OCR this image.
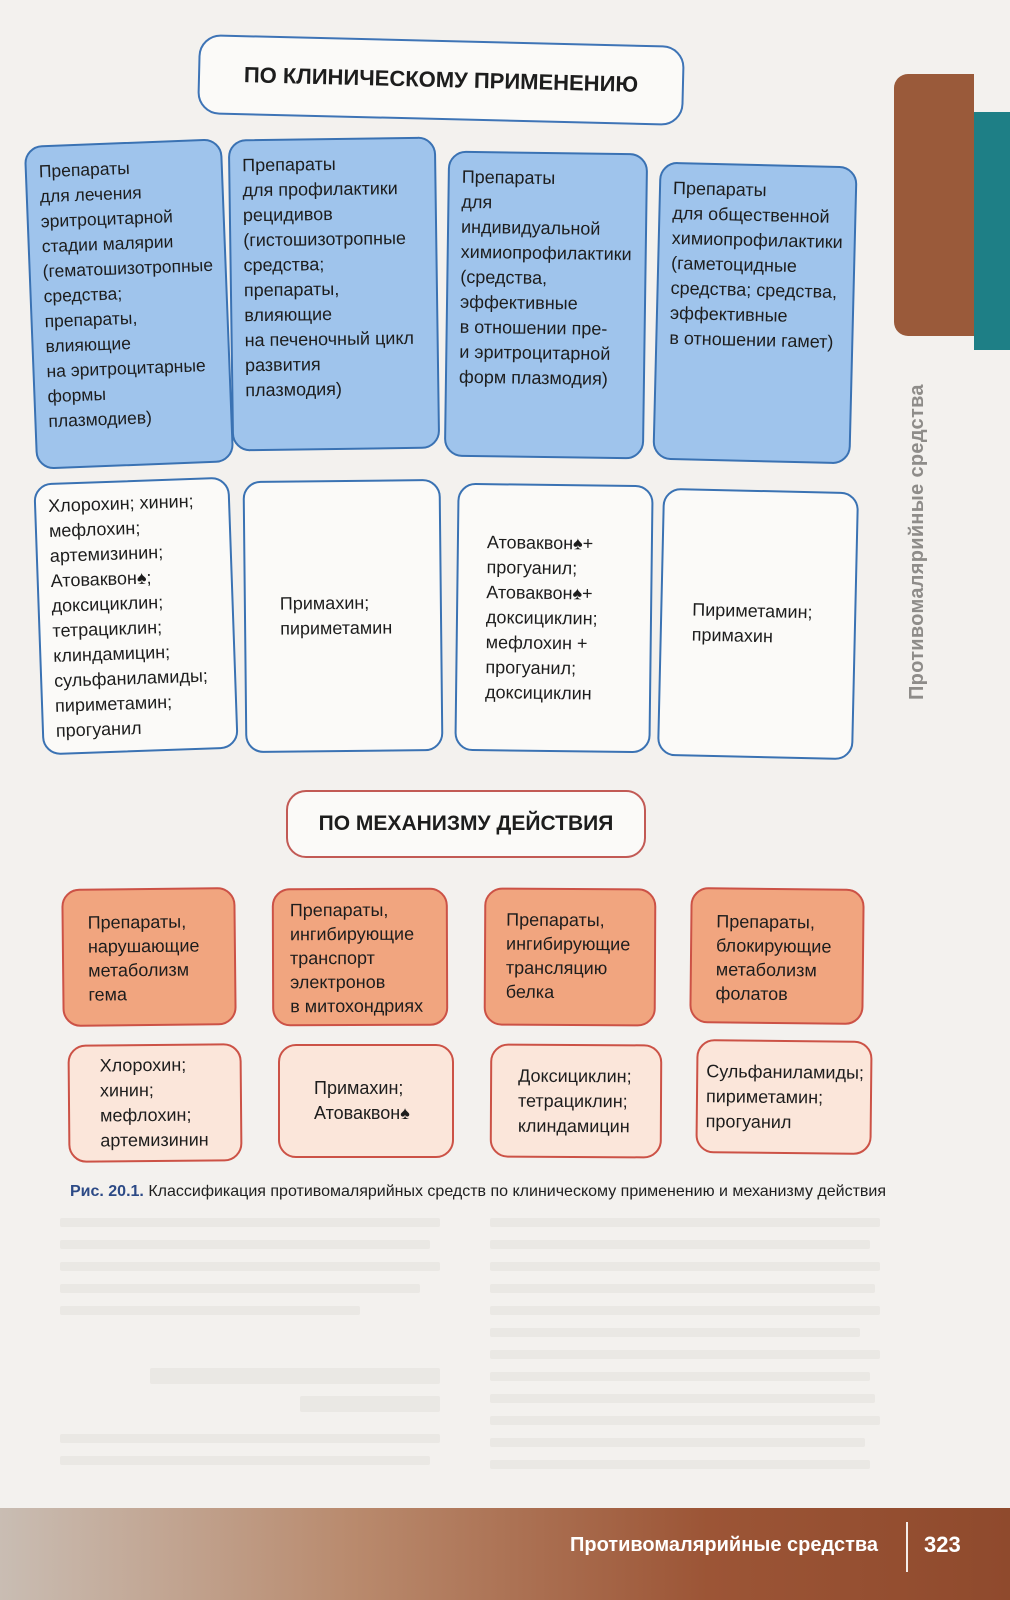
Противомалярийные средства
ПО КЛИНИЧЕСКОМУ ПРИМЕНЕНИЮ
Препараты
для лечения
эритроцитарной
стадии малярии
(гематошизотропные
средства;
препараты,
влияющие
на эритроцитарные
формы
плазмодиев)
Препараты
для профилактики
рецидивов
(гистошизотропные
средства;
препараты,
влияющие
на печеночный цикл
развития
плазмодия)
Препараты
для индивидуальной
химиопрофилактики
(средства,
эффективные
в отношении пре-
и эритроцитарной
форм плазмодия)
Препараты
для общественной
химиопрофилактики
(гаметоцидные
средства; средства,
эффективные
в отношении гамет)
Хлорохин; хинин;
мефлохин;
артемизинин;
Атоваквон♠;
доксициклин;
тетрациклин;
клиндамицин;
сульфаниламиды;
пириметамин;
прогуанил
Примахин;
пириметамин
Атоваквон♠+
прогуанил;
Атоваквон♠+
доксициклин;
мефлохин +
прогуанил;
доксициклин
Пириметамин;
примахин
ПО МЕХАНИЗМУ ДЕЙСТВИЯ
Препараты,
нарушающие
метаболизм
гема
Препараты,
ингибирующие
транспорт
электронов
в митохондриях
Препараты,
ингибирующие
трансляцию
белка
Препараты,
блокирующие
метаболизм
фолатов
Хлорохин;
хинин;
мефлохин;
артемизинин
Примахин;
Атоваквон♠
Доксициклин;
тетрациклин;
клиндамицин
Сульфаниламиды;
пириметамин;
прогуанил
Рис. 20.1. Классификация противомалярийных средств по клиническому применению и механизму действия
Противомалярийные средства 323
